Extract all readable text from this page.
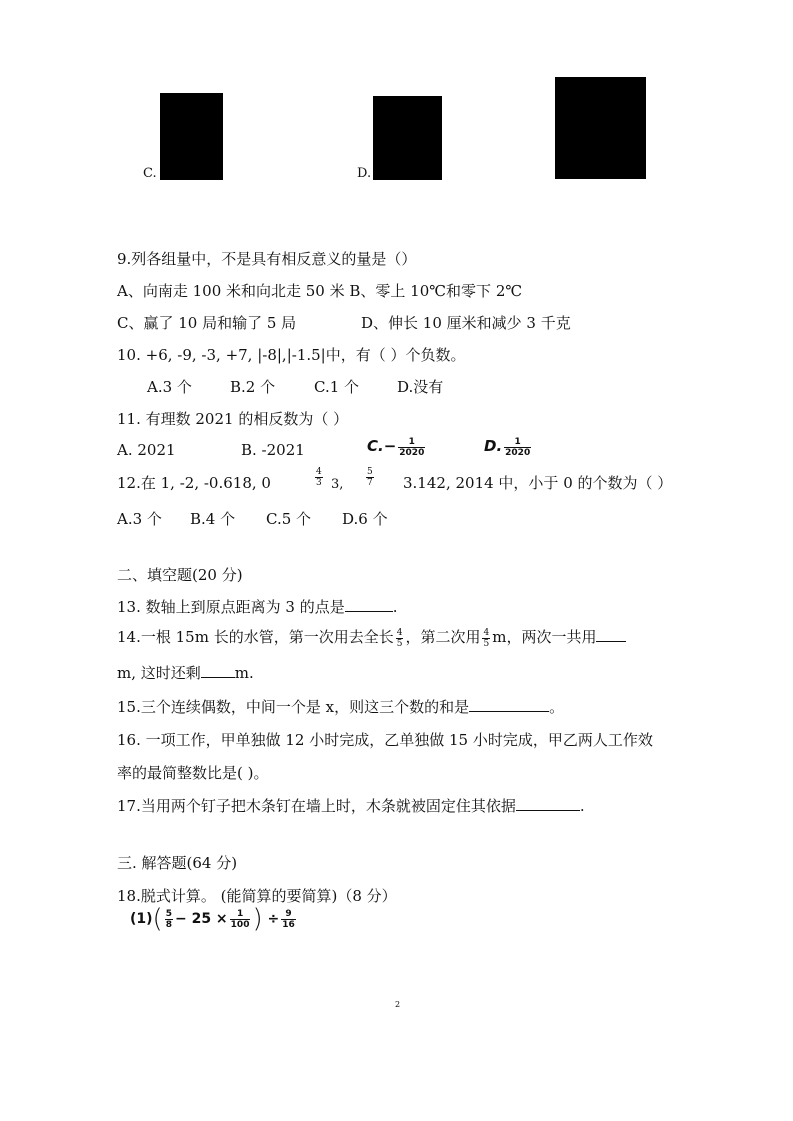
C.	D.
9.列各组量中，不是具有相反意义的量是（）
A、向南走 100 米和向北走 50 米 B、零上 10℃和零下 2℃
C、赢了 10 局和输了 5 局	D、伸长 10 厘米和减少 3 千克
10. +6, -9, -3, +7, |-8|,|-1.5|中，有（ ）个负数。
A.3 个	B.2 个	C.1 个	D.没有
11. 有理数 2021 的相反数为（ ）
A. 2021	B. -2021	$C.- \frac{1}{2020}$	D. $\frac{1}{2020}$
12.在 1, -2, -0.618, 0	$\frac{4}{3} 3$,	$\frac{5}{7} 3.142$, 2014 中，小于 0 的个数为（ ）
A.3 个 B.4 个 C.5 个 D.6 个
二、填空题(20 分)
13. 数轴上到原点距离为 3 的点是	.
14.一根 15m 长的水管，第一次用去全长 $\frac{4}{5}$ ，第二次用 $\frac{4}{5}$ m，两次一共用
m, 这时还剩 m.
15.三个连续偶数，中间一个是 x，则这三个数的和是	。
16. 一项工作，甲单独做 12 小时完成，乙单独做 15 小时完成，甲乙两人工作效
率的最简整数比是( )。
17.当用两个钉子把木条钉在墙上时，木条就被固定住其依据	.
三. 解答题(64 分)
18.脱式计算。 (能简算的要简算)（8 分）
$(1)( \frac{5}{8} - 25 \times \frac{1}{100}$ ) ÷ $\frac{9}{16}$
2
